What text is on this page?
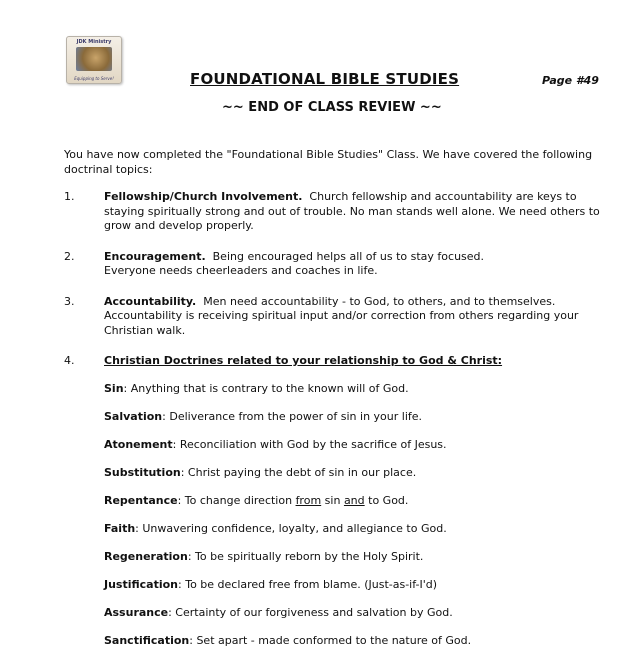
JDK Ministry
Equipping to Serve!	FOUNDATIONAL BIBLE STUDIES	Page #49
~~ END OF CLASS REVIEW ~~

You have now completed the "Foundational Bible Studies" Class. We have covered the following doctrinal topics:

1.	Fellowship/Church Involvement. Church fellowship and accountability are keys to staying spiritually strong and out of trouble. No man stands well alone. We need others to grow and develop properly.
2.	Encouragement. Being encouraged helps all of us to stay focused.
Everyone needs cheerleaders and coaches in life.
3.	Accountability. Men need accountability - to God, to others, and to themselves. Accountability is receiving spiritual input and/or correction from others regarding your Christian walk.
4.	Christian Doctrines related to your relationship to God & Christ:
Sin: Anything that is contrary to the known will of God.
Salvation: Deliverance from the power of sin in your life.
Atonement: Reconciliation with God by the sacrifice of Jesus.
Substitution: Christ paying the debt of sin in our place.
Repentance: To change direction from sin and to God.
Faith: Unwavering confidence, loyalty, and allegiance to God.
Regeneration: To be spiritually reborn by the Holy Spirit.
Justification: To be declared free from blame. (Just-as-if-I'd)
Assurance: Certainty of our forgiveness and salvation by God.
Sanctification: Set apart - made conformed to the nature of God.
